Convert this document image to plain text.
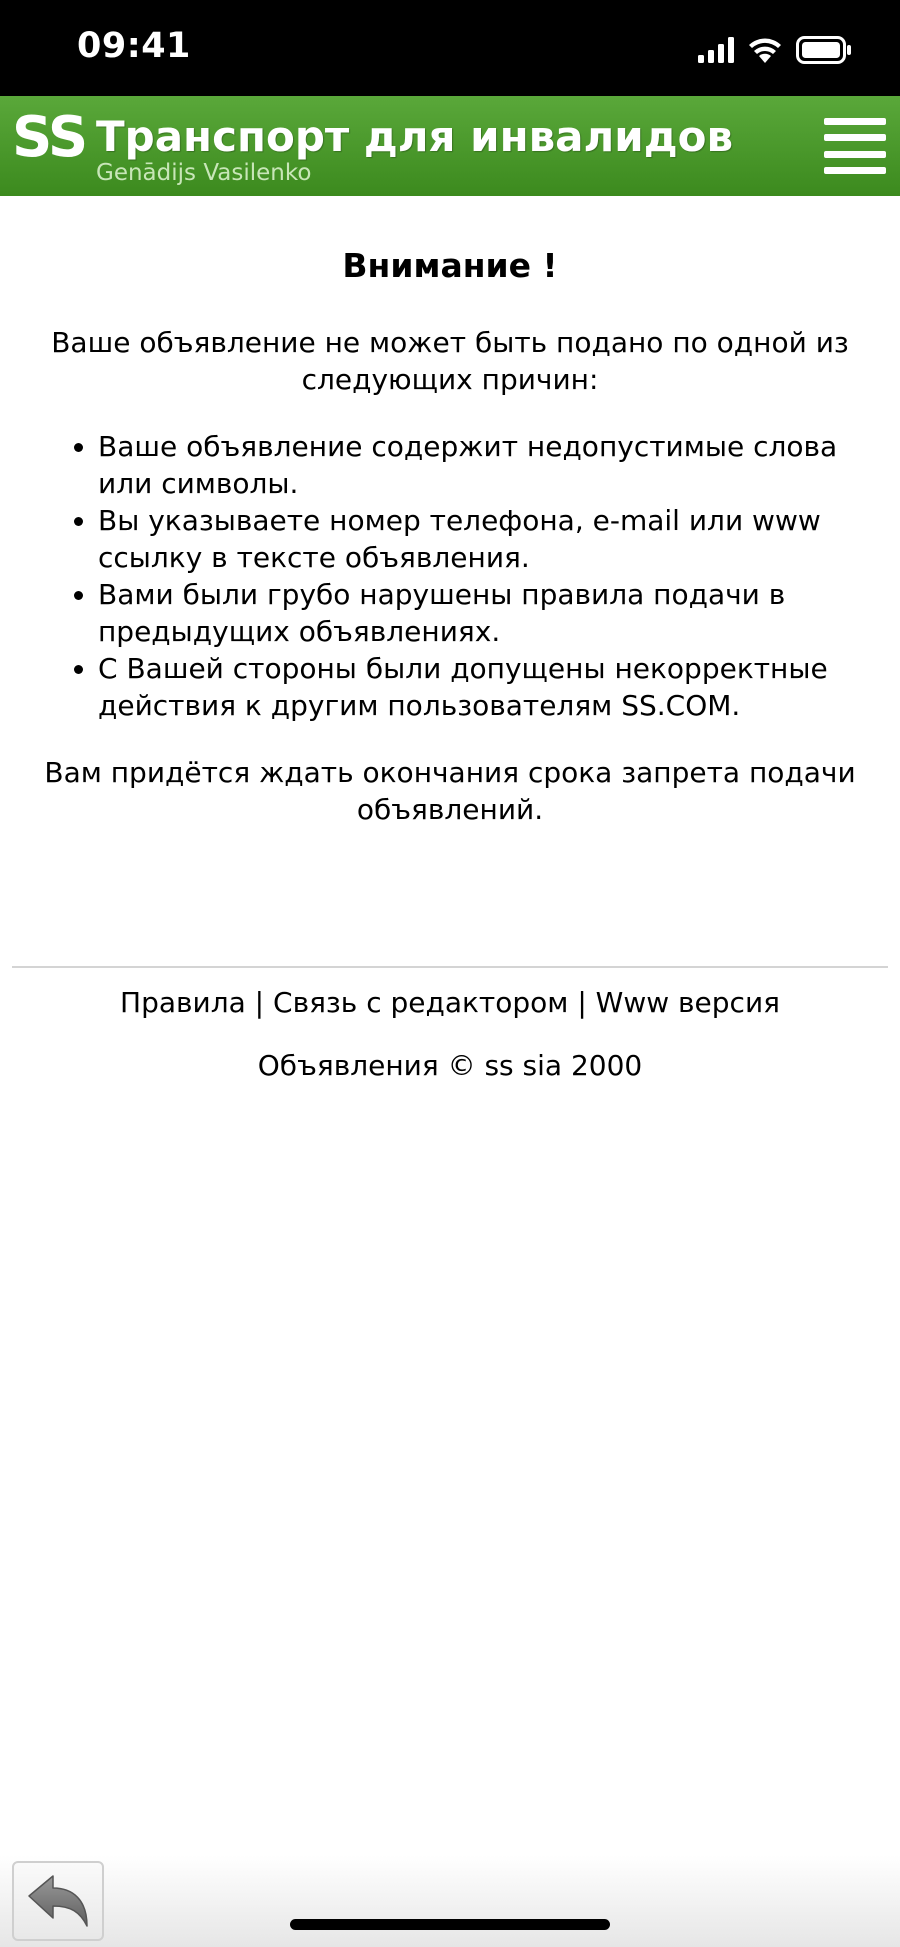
09:41
SS Транспорт для инвалидов
Genādijs Vasilenko
Внимание !
Ваше объявление не может быть подано по одной из следующих причин:
• Ваше объявление содержит недопустимые слова или символы.
• Вы указываете номер телефона, e-mail или www ссылку в тексте объявления.
• Вами были грубо нарушены правила подачи в предыдущих объявлениях.
• С Вашей стороны были допущены некорректные действия к другим пользователям SS.COM.
Вам придётся ждать окончания срока запрета подачи объявлений.
Правила | Связь с редактором | Www версия
Объявления © ss sia 2000
